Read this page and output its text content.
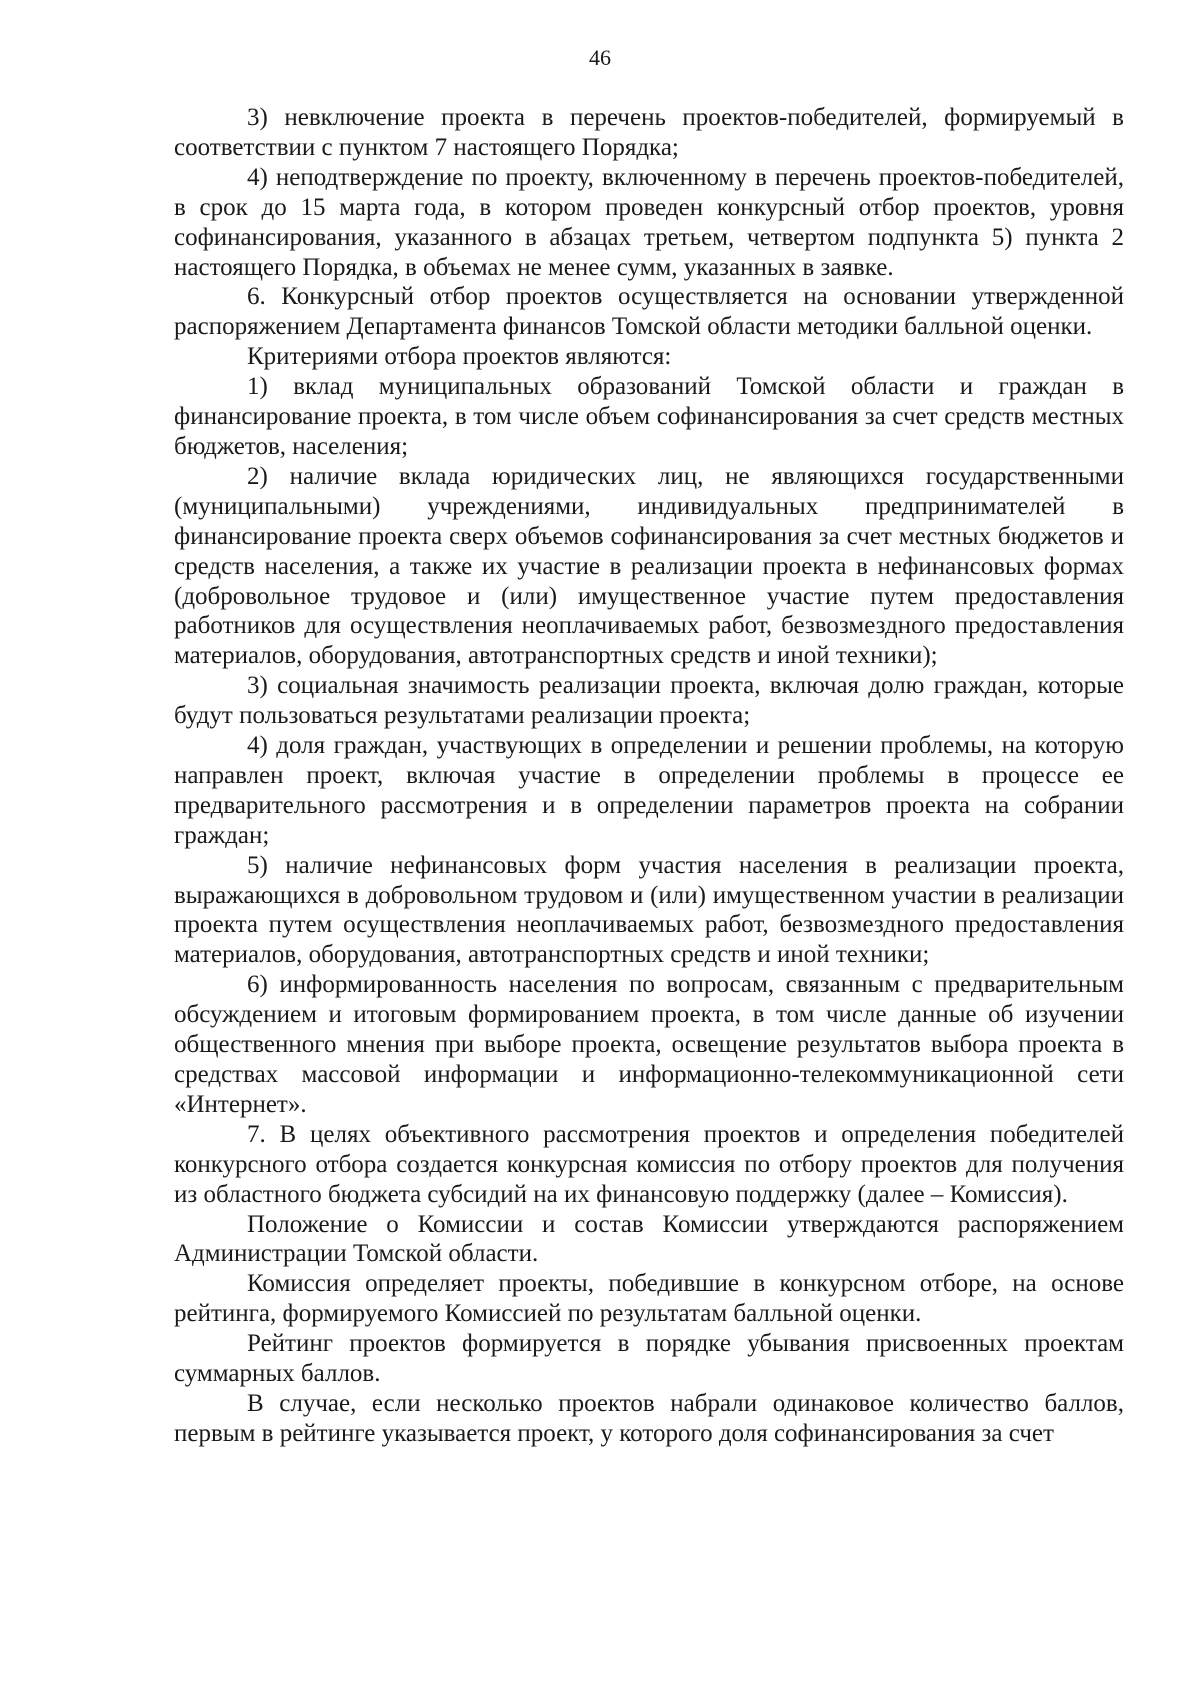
46

3) невключение проекта в перечень проектов-победителей, формируемый в соответствии с пунктом 7 настоящего Порядка;

4) неподтверждение по проекту, включенному в перечень проектов-победителей, в срок до 15 марта года, в котором проведен конкурсный отбор проектов, уровня софинансирования, указанного в абзацах третьем, четвертом подпункта 5) пункта 2 настоящего Порядка, в объемах не менее сумм, указанных в заявке.

6. Конкурсный отбор проектов осуществляется на основании утвержденной распоряжением Департамента финансов Томской области методики балльной оценки.

Критериями отбора проектов являются:

1) вклад муниципальных образований Томской области и граждан в финансирование проекта, в том числе объем софинансирования за счет средств местных бюджетов, населения;

2) наличие вклада юридических лиц, не являющихся государственными (муниципальными) учреждениями, индивидуальных предпринимателей в финансирование проекта сверх объемов софинансирования за счет местных бюджетов и средств населения, а также их участие в реализации проекта в нефинансовых формах (добровольное трудовое и (или) имущественное участие путем предоставления работников для осуществления неоплачиваемых работ, безвозмездного предоставления материалов, оборудования, автотранспортных средств и иной техники);

3) социальная значимость реализации проекта, включая долю граждан, которые будут пользоваться результатами реализации проекта;

4) доля граждан, участвующих в определении и решении проблемы, на которую направлен проект, включая участие в определении проблемы в процессе ее предварительного рассмотрения и в определении параметров проекта на собрании граждан;

5) наличие нефинансовых форм участия населения в реализации проекта, выражающихся в добровольном трудовом и (или) имущественном участии в реализации проекта путем осуществления неоплачиваемых работ, безвозмездного предоставления материалов, оборудования, автотранспортных средств и иной техники;

6) информированность населения по вопросам, связанным с предварительным обсуждением и итоговым формированием проекта, в том числе данные об изучении общественного мнения при выборе проекта, освещение результатов выбора проекта в средствах массовой информации и информационно-телекоммуникационной сети «Интернет».

7. В целях объективного рассмотрения проектов и определения победителей конкурсного отбора создается конкурсная комиссия по отбору проектов для получения из областного бюджета субсидий на их финансовую поддержку (далее – Комиссия).

Положение о Комиссии и состав Комиссии утверждаются распоряжением Администрации Томской области.

Комиссия определяет проекты, победившие в конкурсном отборе, на основе рейтинга, формируемого Комиссией по результатам балльной оценки.

Рейтинг проектов формируется в порядке убывания присвоенных проектам суммарных баллов.

В случае, если несколько проектов набрали одинаковое количество баллов, первым в рейтинге указывается проект, у которого доля софинансирования за счет
